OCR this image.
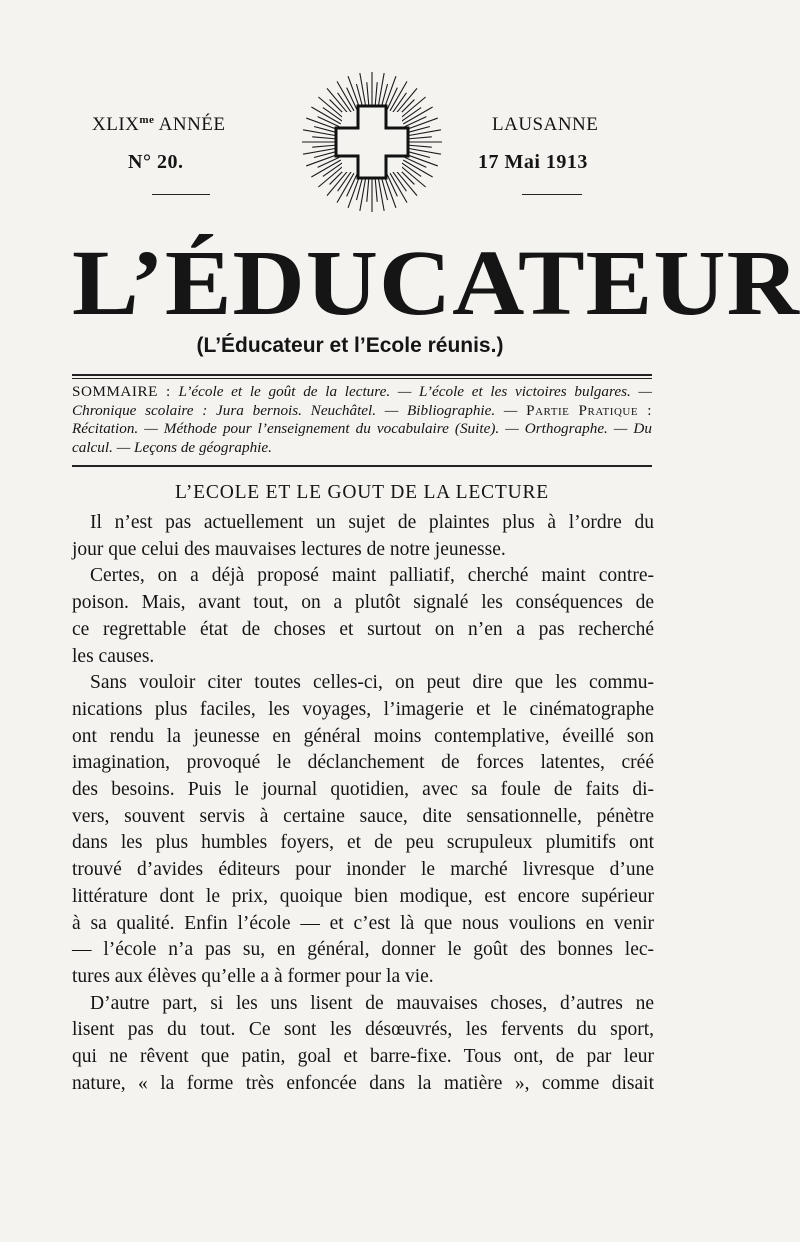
$XLIX^{me}$ ANNÉE
N° 20.
LAUSANNE
17 Mai 1913
L’ÉDUCATEUR
(L’Éducateur et l’Ecole réunis.)
SOMMAIRE : L’école et le goût de la lecture. — L’école et les victoires bulgares. — Chronique scolaire : Jura bernois. Neuchâtel. — Bibliographie. — Partie Pratique : Récitation. — Méthode pour l’enseignement du vocabulaire (Suite). — Orthographe. — Du calcul. — Leçons de géographie.
L’ECOLE ET LE GOUT DE LA LECTURE
Il n’est pas actuellement un sujet de plaintes plus à l’ordre du
jour que celui des mauvaises lectures de notre jeunesse.
Certes, on a déjà proposé maint palliatif, cherché maint contre-
poison. Mais, avant tout, on a plutôt signalé les conséquences de
ce regrettable état de choses et surtout on n’en a pas recherché
les causes.
Sans vouloir citer toutes celles-ci, on peut dire que les commu-
nications plus faciles, les voyages, l’imagerie et le cinématographe
ont rendu la jeunesse en général moins contemplative, éveillé son
imagination, provoqué le déclanchement de forces latentes, créé
des besoins. Puis le journal quotidien, avec sa foule de faits di-
vers, souvent servis à certaine sauce, dite sensationnelle, pénètre
dans les plus humbles foyers, et de peu scrupuleux plumitifs ont
trouvé d’avides éditeurs pour inonder le marché livresque d’une
littérature dont le prix, quoique bien modique, est encore supérieur
à sa qualité. Enfin l’école — et c’est là que nous voulions en venir
— l’école n’a pas su, en général, donner le goût des bonnes lec-
tures aux élèves qu’elle a à former pour la vie.
D’autre part, si les uns lisent de mauvaises choses, d’autres ne
lisent pas du tout. Ce sont les désœuvrés, les fervents du sport,
qui ne rêvent que patin, goal et barre-fixe. Tous ont, de par leur
nature, « la forme très enfoncée dans la matière », comme disait
